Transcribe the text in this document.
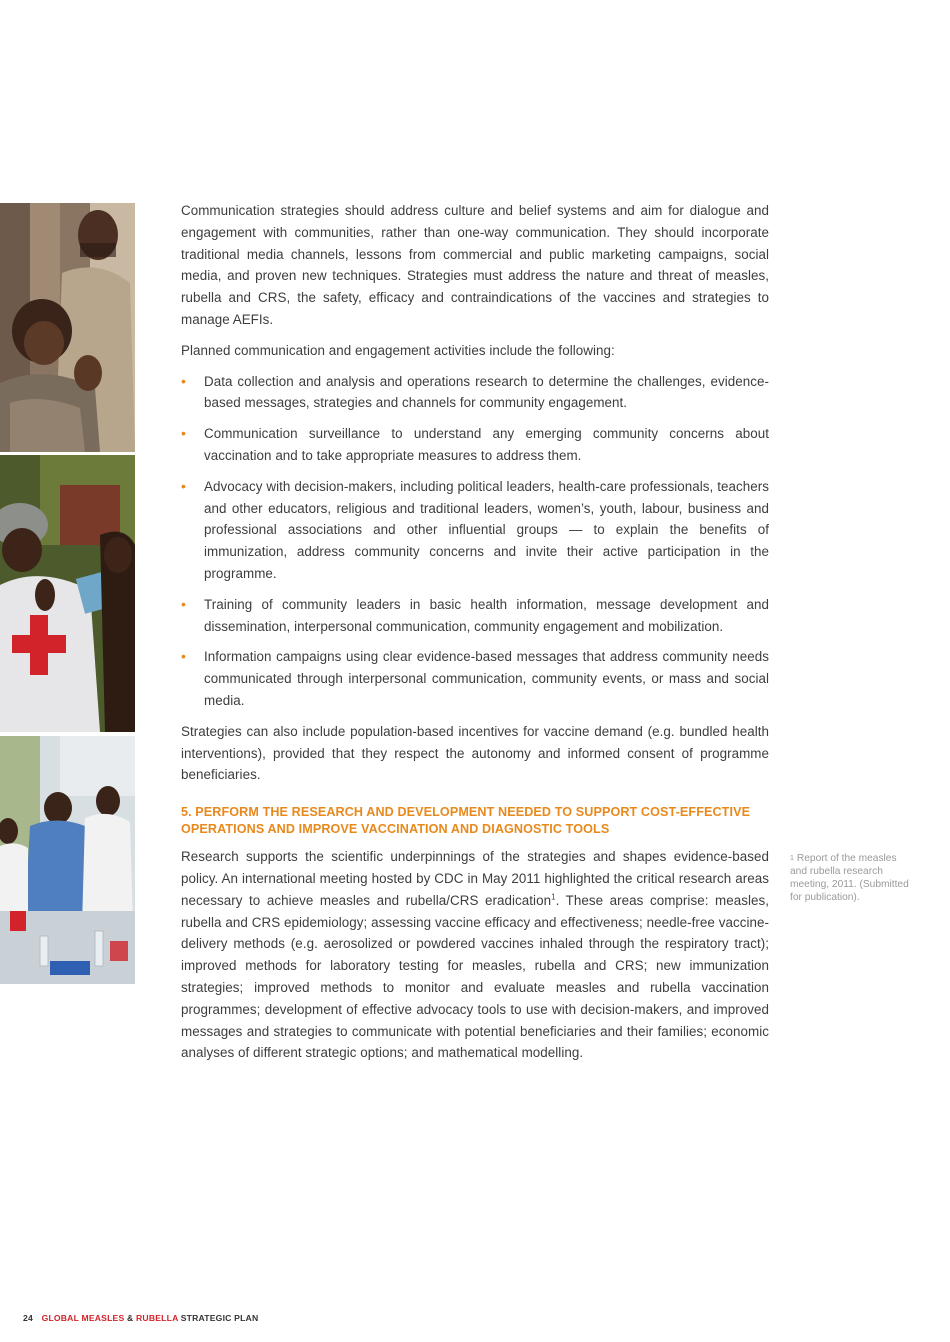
Communication strategies should address culture and belief systems and aim for dialogue and engagement with communities, rather than one-way communication. They should incorporate traditional media channels, lessons from commercial and public marketing campaigns, social media, and proven new techniques. Strategies must address the nature and threat of measles, rubella and CRS, the safety, efficacy and contraindications of the vaccines and strategies to manage AEFIs.

Planned communication and engagement activities include the following:

• Data collection and analysis and operations research to determine the challenges, evidence-based messages, strategies and channels for community engagement.
• Communication surveillance to understand any emerging community concerns about vaccination and to take appropriate measures to address them.
• Advocacy with decision-makers, including political leaders, health-care professionals, teachers and other educators, religious and traditional leaders, women’s, youth, labour, business and professional associations and other influential groups — to explain the benefits of immunization, address community concerns and invite their active participation in the programme.
• Training of community leaders in basic health information, message development and dissemination, interpersonal communication, community engagement and mobilization.
• Information campaigns using clear evidence-based messages that address community needs communicated through interpersonal communication, community events, or mass and social media.

Strategies can also include population-based incentives for vaccine demand (e.g. bundled health interventions), provided that they respect the autonomy and informed consent of programme beneficiaries.

5. PERFORM THE RESEARCH AND DEVELOPMENT NEEDED TO SUPPORT COST-EFFECTIVE OPERATIONS AND IMPROVE VACCINATION AND DIAGNOSTIC TOOLS

Research supports the scientific underpinnings of the strategies and shapes evidence-based policy. An international meeting hosted by CDC in May 2011 highlighted the critical research areas necessary to achieve measles and rubella/CRS eradication$^1$. These areas comprise: measles, rubella and CRS epidemiology; assessing vaccine efficacy and effectiveness; needle-free vaccine-delivery methods (e.g. aerosolized or powdered vaccines inhaled through the respiratory tract); improved methods for laboratory testing for measles, rubella and CRS; new immunization strategies; improved methods to monitor and evaluate measles and rubella vaccination programmes; development of effective advocacy tools to use with decision-makers, and improved messages and strategies to communicate with potential beneficiaries and their families; economic analyses of different strategic options; and mathematical modelling.

$^1$ Report of the measles and rubella research meeting, 2011. (Submitted for publication).
24 GLOBAL MEASLES & RUBELLA STRATEGIC PLAN
